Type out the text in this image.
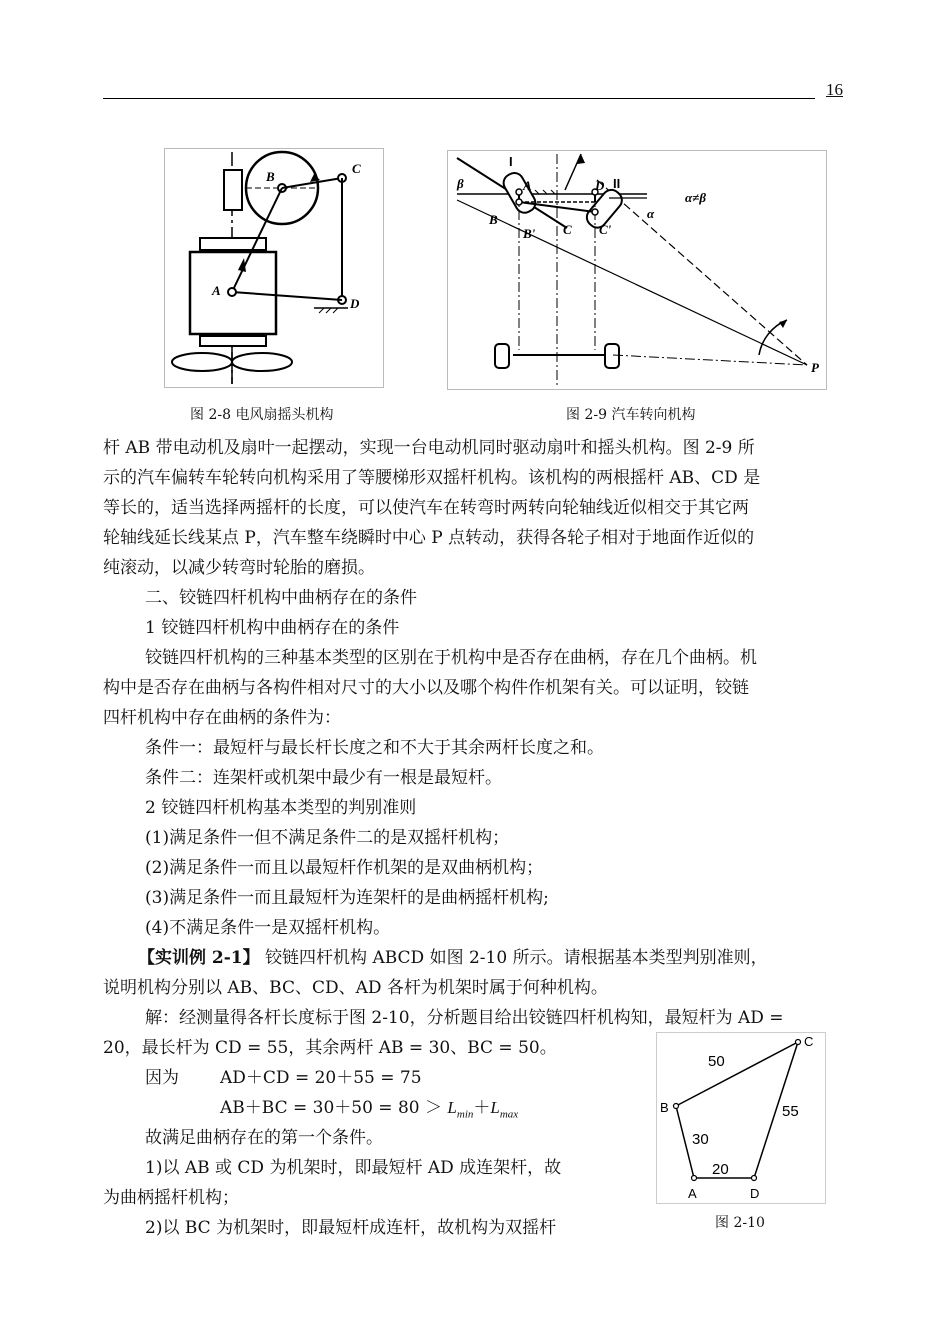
16
B
C
A
D
图 2-8 电风扇摇头机构
β
I
A	D II
B
B' C C'
α
α≠β
P
图 2-9 汽车转向机构
杆 AB 带电动机及扇叶一起摆动，实现一台电动机同时驱动扇叶和摇头机构。图 2-9 所
示的汽车偏转车轮转向机构采用了等腰梯形双摇杆机构。该机构的两根摇杆 AB、CD 是
等长的，适当选择两摇杆的长度，可以使汽车在转弯时两转向轮轴线近似相交于其它两
轮轴线延长线某点 P，汽车整车绕瞬时中心 P 点转动，获得各轮子相对于地面作近似的
纯滚动，以减少转弯时轮胎的磨损。
二、铰链四杆机构中曲柄存在的条件
1 铰链四杆机构中曲柄存在的条件
铰链四杆机构的三种基本类型的区别在于机构中是否存在曲柄，存在几个曲柄。机
构中是否存在曲柄与各构件相对尺寸的大小以及哪个构件作机架有关。可以证明，铰链
四杆机构中存在曲柄的条件为：
条件一：最短杆与最长杆长度之和不大于其余两杆长度之和。
条件二：连架杆或机架中最少有一根是最短杆。
2 铰链四杆机构基本类型的判别准则
(1)满足条件一但不满足条件二的是双摇杆机构；
(2)满足条件一而且以最短杆作机架的是双曲柄机构；
(3)满足条件一而且最短杆为连架杆的是曲柄摇杆机构;
(4)不满足条件一是双摇杆机构。
【实训例 2-1】 铰链四杆机构 ABCD 如图 2-10 所示。请根据基本类型判别准则，
说明机构分别以 AB、BC、CD、AD 各杆为机架时属于何种机构。
解：经测量得各杆长度标于图 2-10，分析题目给出铰链四杆机构知，最短杆为 AD =
20，最长杆为 CD = 55，其余两杆 AB = 30、BC = 50。
因为 AD＋CD = 20＋55 = 75
$AB+BC = 30+50 = 80 > L_{min}+L_{max}$
故满足曲柄存在的第一个条件。
1)以 AB 或 CD 为机架时，即最短杆 AD 成连架杆，故
为曲柄摇杆机构；
2)以 BC 为机架时，即最短杆成连杆，故机构为双摇杆
C
B
A	D
50
55
30
20
图 2-10
